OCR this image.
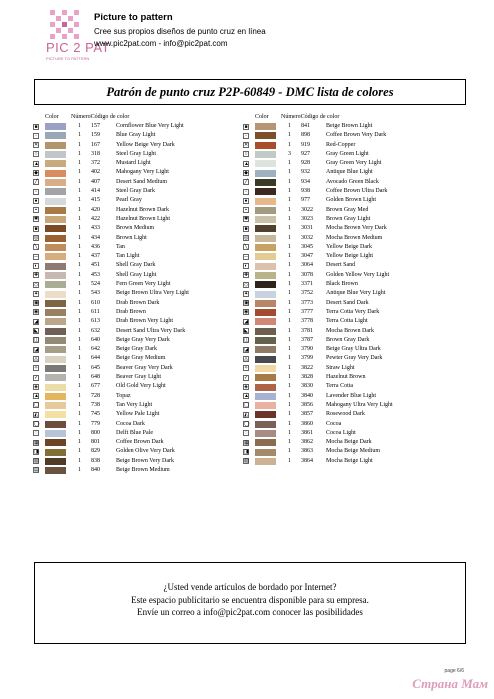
PIC 2 PAT
PICTURE TO PATTERN
Picture to pattern
Cree sus propios diseños de punto cruz en línea
www.pic2pat.com - info@pic2pat.com
Patrón de punto cruz P2P-60849 - DMC lista de colores
Color NúmeroCódigo de color
■	1 157	Cornflower Blue Very Light
◦	1 159	Blue Gray Light
✕	1 167	Yellow Beige Very Dark
○	1 318	Steel Gray Light
▲	1 372	Mustard Light
◆	1 402	Mahogany Very Light
╱	1 407	Desert Sand Medium
▫	1 414	Steel Gray Dark
●	1 415	Pearl Gray
▪	1 420	Hazelnut Brown Dark
✱	1 422	Hazelnut Brown Light
■	1 433	Brown Medium
◎	1 434	Brown Light
╲	1 436	Tan
─	1 437	Tan Light
◐	1 451	Shell Gray Dark
✚	1 453	Shell Gray Light
◇	1 524	Fern Green Very Light
✦	1 543	Beige Brown Ultra Very Light
▣	1 610	Drab Brown Dark
◉	1 611	Drab Brown
◢	1 613	Drab Brown Very Light
◣	1 632	Desert Sand Ultra Very Dark
◫	1 640	Beige Gray Very Dark
◪	1 642	Beige Gray Dark
◬	1 644	Beige Gray Medium
✧	1 645	Beaver Gray Very Dark
✓	1 648	Beaver Gray Light
◈	1 677	Old Gold Very Light
▲	1 728	Topaz
▢	1 738	Tan Very Light
◭	1 745	Yellow Pale Light
◯	1 779	Cocoa Dark
◌	1 800	Delft Blue Pale
▦	1 801	Coffee Brown Dark
◨	1 829	Golden Olive Very Dark
▧	1 838	Beige Brown Very Dark
▤	1 840	Beige Brown Medium
Color NúmeroCódigo de color
■	1 841	Beige Brown Light
◦	1 898	Coffee Brown Very Dark
✕	1 919	Red-Copper
○	3 927	Gray Green Light
▲	1 928	Gray Green Very Light
◆	1 932	Antique Blue Light
╱	1 934	Avocado Green Black
▫	1 938	Coffee Brown Ultra Dark
●	1 977	Golden Brown Light
▪	1 3022 Brown Gray Med
✱	1 3023 Brown Gray Light
■	1 3031 Mocha Brown Very Dark
◎	1 3032 Mocha Brown Medium
╲	1 3045 Yellow Beige Dark
─	1 3047 Yellow Beige Light
◐	1 3064 Desert Sand
✚	1 3078 Golden Yellow Very Light
◇	1 3371 Black Brown
✦	1 3752 Antique Blue Very Light
▣	1 3773 Desert Sand Dark
◉	1 3777 Terra Cotta Very Dark
◢	1 3778 Terra Cotta Light
◣	1 3781 Mocha Brown Dark
◫	1 3787 Brown Gray Dark
◪	1 3790 Beige Gray Ultra Dark
◬	1 3799 Pewter Gray Very Dark
✧	1 3822 Straw Light
✓	1 3828 Hazelnut Brown
◈	1 3830 Terra Cotta
▲	1 3840 Lavender Blue Light
▢	1 3856 Mahogany Ultra Very Light
◭	1 3857 Rosewood Dark
◯	1 3860 Cocoa
◌	1 3861 Cocoa Light
▦	1 3862 Mocha Beige Dark
◨	1 3863 Mocha Beige Medium
▧	1 3864 Mocha Beige Light
¿Usted vende artículos de bordado por Internet?
Este espacio publicitario se encuentra disponible para su empresa.
Envíe un correo a info@pic2pat.com conocer las posibilidades
page 6/6
Страна Мам
